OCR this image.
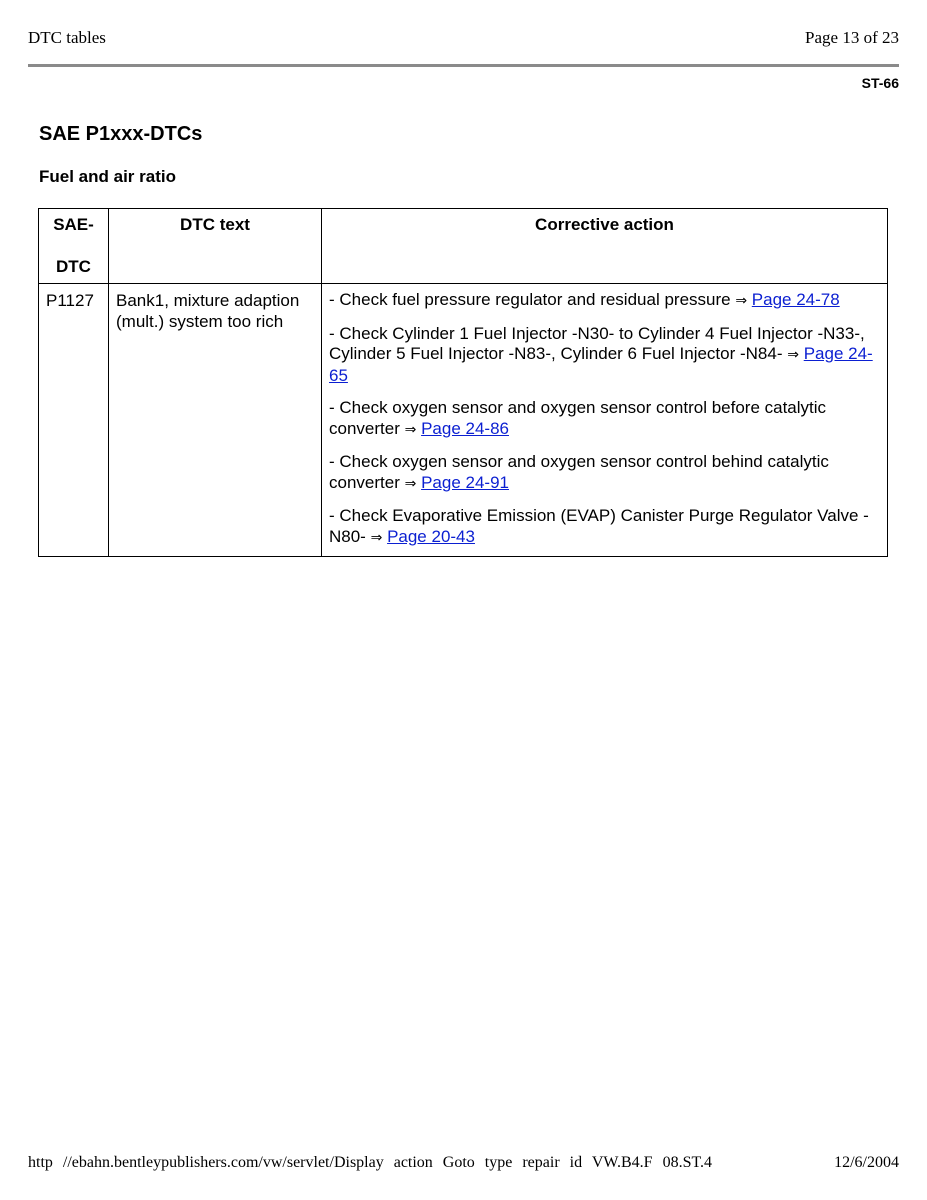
DTC tables	Page 13 of 23
ST-66
SAE P1xxx-DTCs
Fuel and air ratio
SAE-
DTC	DTC text	Corrective action
P1127	Bank1, mixture adaption (mult.) system too rich	- Check fuel pressure regulator and residual pressure ⇒ Page 24-78
- Check Cylinder 1 Fuel Injector -N30- to Cylinder 4 Fuel Injector -N33-, Cylinder 5 Fuel Injector -N83-, Cylinder 6 Fuel Injector -N84- ⇒ Page 24-65
- Check oxygen sensor and oxygen sensor control before catalytic converter ⇒ Page 24-86
- Check oxygen sensor and oxygen sensor control behind catalytic converter ⇒ Page 24-91
- Check Evaporative Emission (EVAP) Canister Purge Regulator Valve -N80- ⇒ Page 20-43
http //ebahn.bentleypublishers.com/vw/servlet/Display action Goto type repair id VW.B4.F 08.ST.4	12/6/2004
